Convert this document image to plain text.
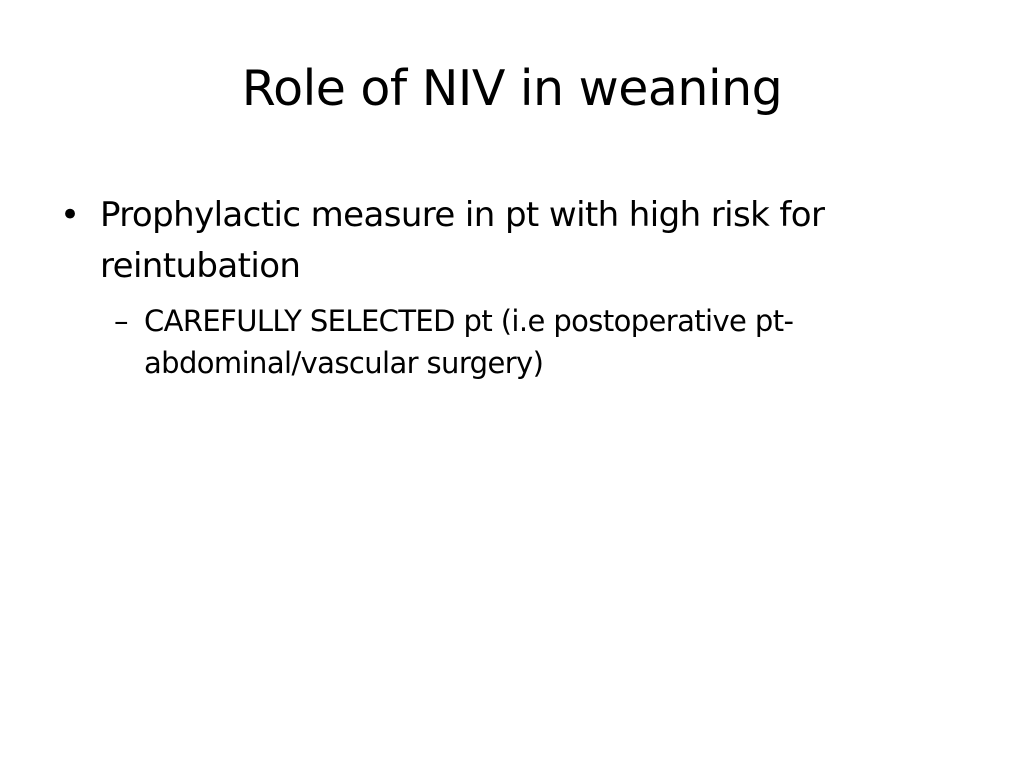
Role of NIV in weaning
• Prophylactic measure in pt with high risk for reintubation
– CAREFULLY SELECTED pt (i.e postoperative pt-abdominal/vascular surgery)
